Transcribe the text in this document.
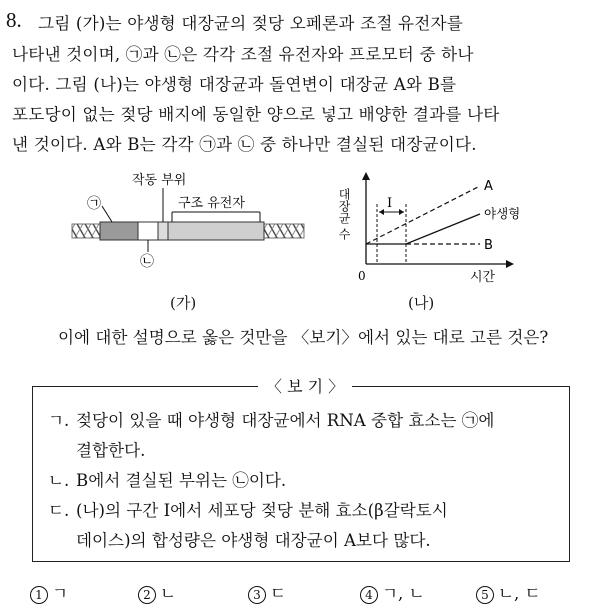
8. 그림 (가)는 야생형 대장균의 젖당 오페론과 조절 유전자를
나타낸 것이며, ㉠과 ㉡은 각각 조절 유전자와 프로모터 중 하나
이다. 그림 (나)는 야생형 대장균과 돌연변이 대장균 A와 B를
포도당이 없는 젖당 배지에 동일한 양으로 넣고 배양한 결과를 나타
낸 것이다. A와 B는 각각 ㉠과 ㉡ 중 하나만 결실된 대장균이다.
작동 부위
구조 유전자
㉠
㉡
(가)
대장균 수
시간
0
Ⅰ
A
야생형
B
(나)
이에 대한 설명으로 옳은 것만을 〈보기〉에서 있는 대로 고른 것은?
〈 보 기 〉
ㄱ. 젖당이 있을 때 야생형 대장균에서 RNA 중합 효소는 ㉠에
결합한다.
ㄴ. B에서 결실된 부위는 ㉡이다.
ㄷ. (나)의 구간 Ⅰ에서 세포당 젖당 분해 효소(β갈락토시
데이스)의 합성량은 야생형 대장균이 A보다 많다.
1 ㄱ	2 ㄴ	3 ㄷ	4 ㄱ, ㄴ	5 ㄴ, ㄷ
